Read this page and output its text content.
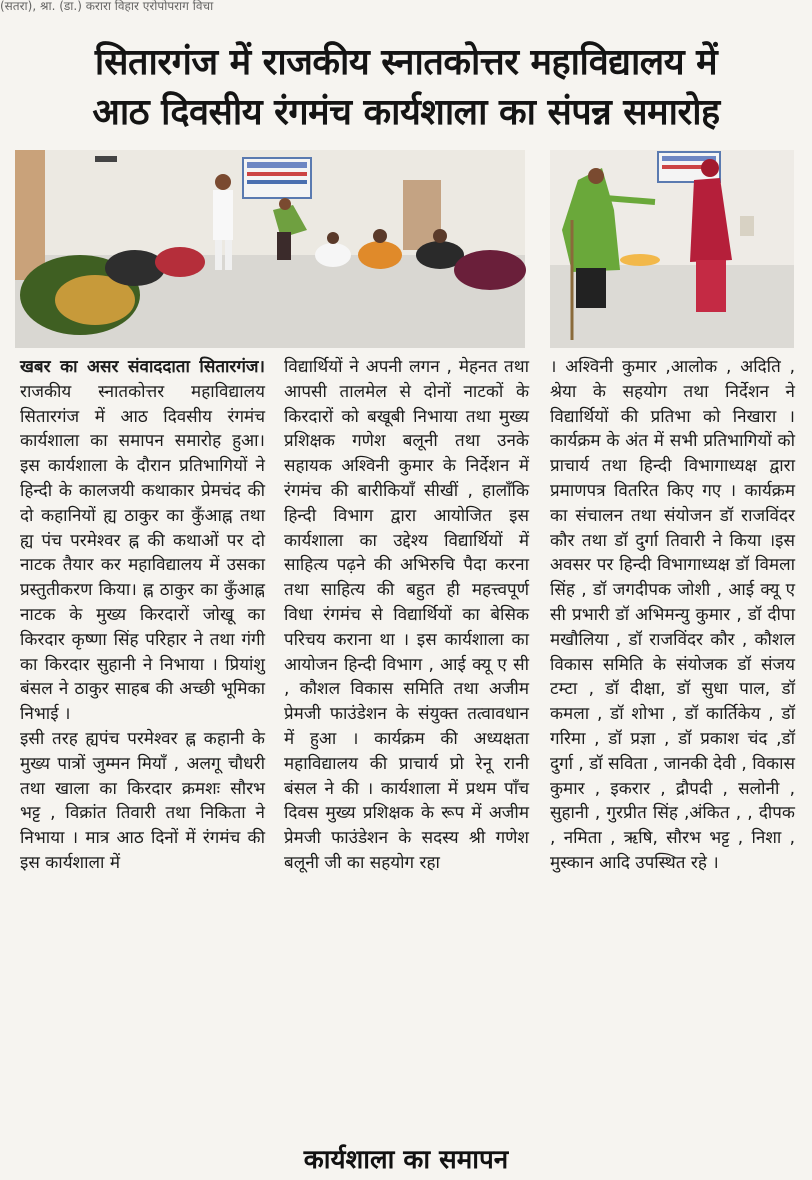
(सतरा), श्रा. (डा.) करारा विहार एरोपोपराग विचा
सितारगंज में राजकीय स्नातकोत्तर महाविद्यालय में
आठ दिवसीय रंगमंच कार्यशाला का संपन्न समारोह

खबर का असर संवाददाता सितारगंज। राजकीय स्नातकोत्तर महाविद्यालय सितारगंज में आठ दिवसीय रंगमंच कार्यशाला का समापन समारोह हुआ। इस कार्यशाला के दौरान प्रतिभागियों ने हिन्दी के कालजयी कथाकार प्रेमचंद की दो कहानियों ह्य ठाकुर का कुँआह्न तथा ह्य पंच परमेश्वर ह्न की कथाओं पर दो नाटक तैयार कर महाविद्यालय में उसका प्रस्तुतीकरण किया। ह्न ठाकुर का कुँआह्न नाटक के मुख्य किरदारों जोखू का किरदार कृष्णा सिंह परिहार ने तथा गंगी का किरदार सुहानी ने निभाया । प्रियांशु बंसल ने ठाकुर साहब की अच्छी भूमिका निभाई ।

इसी तरह ह्यपंच परमेश्वर ह्न कहानी के मुख्य पात्रों जुम्मन मियाँ , अलगू चौधरी तथा खाला का किरदार क्रमशः सौरभ भट्ट , विक्रांत तिवारी तथा निकिता ने निभाया । मात्र आठ दिनों में रंगमंच की इस कार्यशाला में

विद्यार्थियों ने अपनी लगन , मेहनत तथा आपसी तालमेल से दोनों नाटकों के किरदारों को बखूबी निभाया तथा मुख्य प्रशिक्षक गणेश बलूनी तथा उनके सहायक अश्विनी कुमार के निर्देशन में रंगमंच की बारीकियाँ सीखीं , हालाँकि हिन्दी विभाग द्वारा आयोजित इस कार्यशाला का उद्देश्य विद्यार्थियों में साहित्य पढ़ने की अभिरुचि पैदा करना तथा साहित्य की बहुत ही महत्त्वपूर्ण विधा रंगमंच से विद्यार्थियों का बेसिक परिचय कराना था । इस कार्यशाला का आयोजन हिन्दी विभाग , आई क्यू ए सी , कौशल विकास समिति तथा अजीम प्रेमजी फाउंडेशन के संयुक्त तत्वावधान में हुआ । कार्यक्रम की अध्यक्षता महाविद्यालय की प्राचार्य प्रो रेनू रानी बंसल ने की । कार्यशाला में प्रथम पाँच दिवस मुख्य प्रशिक्षक के रूप में अजीम प्रेमजी फाउंडेशन के सदस्य श्री गणेश बलूनी जी का सहयोग रहा

। अश्विनी कुमार ,आलोक , अदिति , श्रेया के सहयोग तथा निर्देशन ने विद्यार्थियों की प्रतिभा को निखारा ।कार्यक्रम के अंत में सभी प्रतिभागियों को प्राचार्य तथा हिन्दी विभागाध्यक्ष द्वारा प्रमाणपत्र वितरित किए गए । कार्यक्रम का संचालन तथा संयोजन डॉ राजविंदर कौर तथा डॉ दुर्गा तिवारी ने किया ।इस अवसर पर हिन्दी विभागाध्यक्ष डॉ विमला सिंह , डॉ जगदीपक जोशी , आई क्यू ए सी प्रभारी डॉ अभिमन्यु कुमार , डॉ दीपा मखौलिया , डॉ राजविंदर कौर , कौशल विकास समिति के संयोजक डॉ संजय टम्टा , डॉ दीक्षा, डॉ सुधा पाल, डॉ कमला , डॉ शोभा , डॉ कार्तिकेय , डॉ गरिमा , डॉ प्रज्ञा , डॉ प्रकाश चंद ,डॉ दुर्गा , डॉ सविता , जानकी देवी , विकास कुमार , इकरार , द्रौपदी , सलोनी , सुहानी , गुरप्रीत सिंह ,अंकित , , दीपक , नमिता , ऋषि, सौरभ भट्ट , निशा , मुस्कान आदि उपस्थित रहे ।

कार्यशाला का समापन
